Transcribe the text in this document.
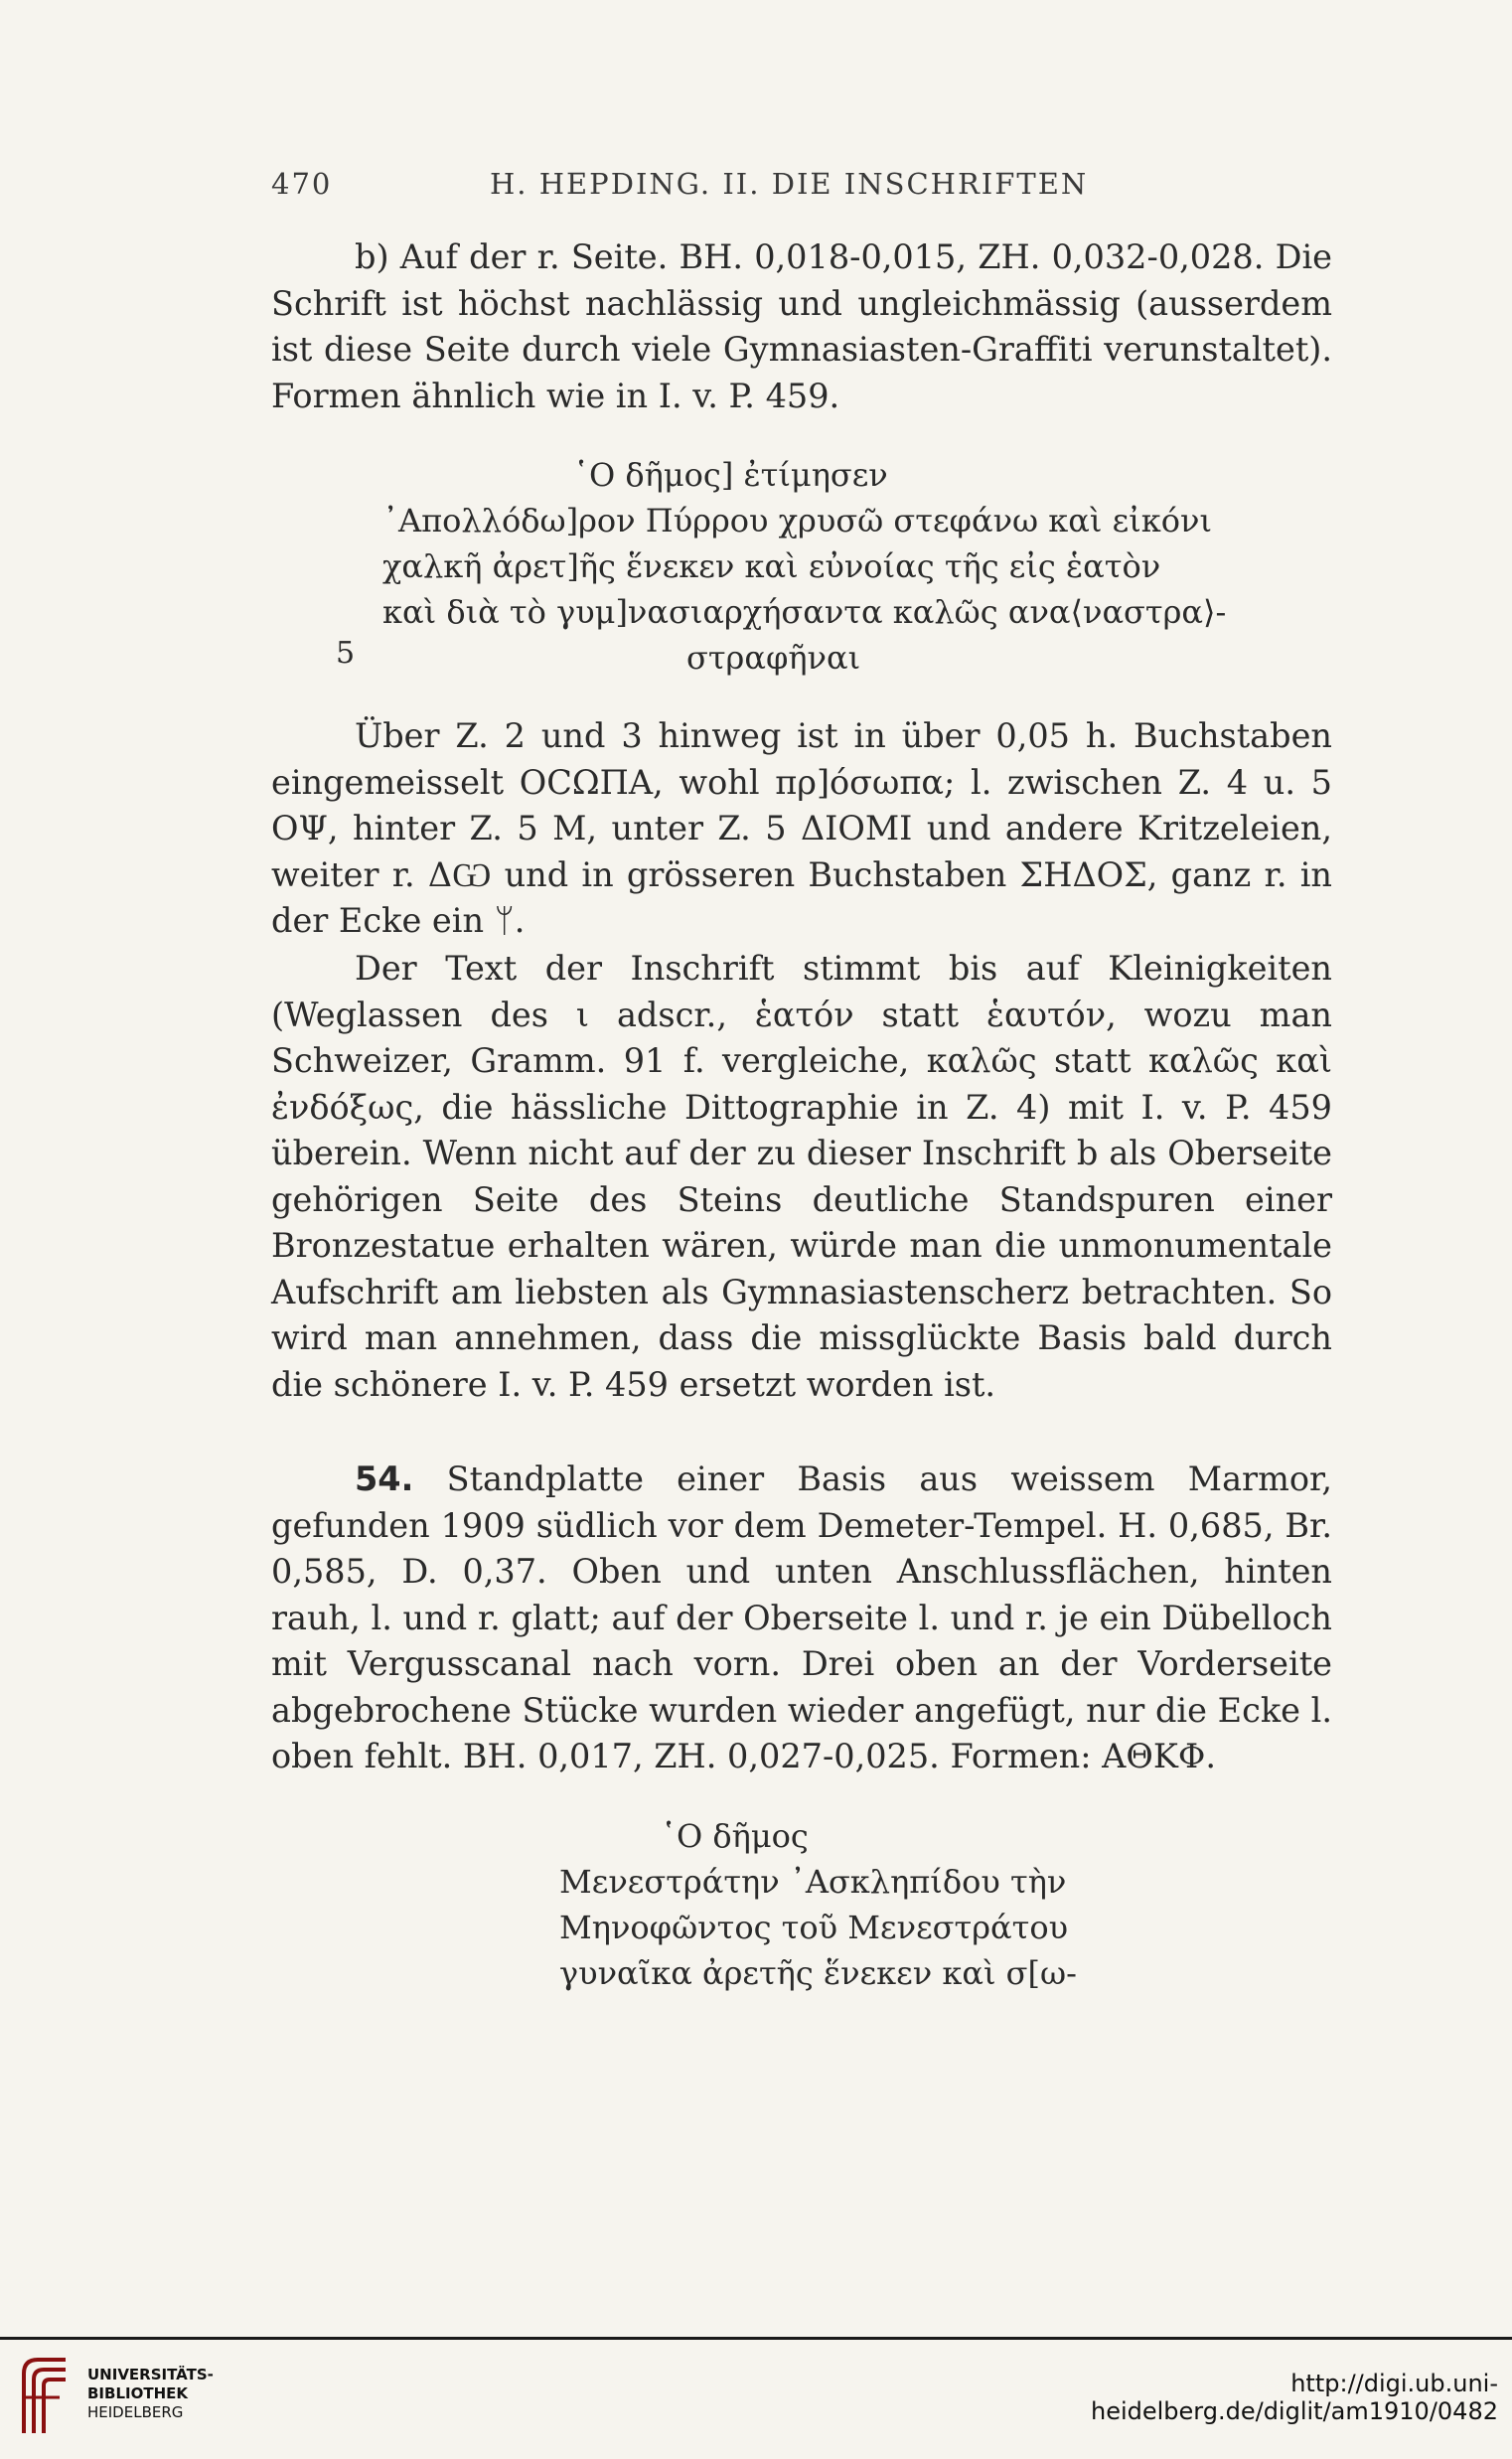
470	H. HEPDING. II. DIE INSCHRIFTEN

b) Auf der r. Seite. BH. 0,018-0,015, ZH. 0,032-0,028. Die Schrift ist höchst nachlässig und ungleichmässig (ausserdem ist diese Seite durch viele Gymnasiasten-Graffiti verunstaltet). Formen ähnlich wie in I. v. P. 459.

῾Ο δῆμος] ἐτίμησεν
᾿Απολλόδω]ρον Πύρρου χρυσῶ στεφάνω καὶ εἰκόνι
χαλκῆ ἀρετ]ῆς ἕνεκεν καὶ εὐνοίας τῆς εἰς ἑατὸν
καὶ διὰ τὸ γυμ]νασιαρχήσαντα καλῶς ανα⟨ναστρα⟩-
στραφῆναι
5

Über Z. 2 und 3 hinweg ist in über 0,05 h. Buchstaben eingemeisselt ΟCΩΠΑ, wohl πρ]όσωπα; l. zwischen Z. 4 u. 5 ΟΨ, hinter Z. 5 Μ, unter Z. 5 ΔΙΟΜΙ und andere Kritzeleien, weiter r. ΔѠ und in grösseren Buchstaben ΣΗΔΟΣ, ganz r. in der Ecke ein ᛘ.

Der Text der Inschrift stimmt bis auf Kleinigkeiten (Weglassen des ι adscr., ἑατόν statt ἑαυτόν, wozu man Schweizer, Gramm. 91 f. vergleiche, καλῶς statt καλῶς καὶ ἐνδόξως, die hässliche Dittographie in Z. 4) mit I. v. P. 459 überein. Wenn nicht auf der zu dieser Inschrift b als Oberseite gehörigen Seite des Steins deutliche Standspuren einer Bronzestatue erhalten wären, würde man die unmonumentale Aufschrift am liebsten als Gymnasiastenscherz betrachten. So wird man annehmen, dass die missglückte Basis bald durch die schönere I. v. P. 459 ersetzt worden ist.

54. Standplatte einer Basis aus weissem Marmor, gefunden 1909 südlich vor dem Demeter-Tempel. H. 0,685, Br. 0,585, D. 0,37. Oben und unten Anschlussflächen, hinten rauh, l. und r. glatt; auf der Oberseite l. und r. je ein Dübelloch mit Vergusscanal nach vorn. Drei oben an der Vorderseite abgebrochene Stücke wurden wieder angefügt, nur die Ecke l. oben fehlt. BH. 0,017, ZH. 0,027-0,025. Formen: ΑΘΚΦ.

῾Ο δῆμος
Μενεστράτην ᾿Ασκληπίδου τὴν
Μηνοφῶντος τοῦ Μενεστράτου
γυναῖκα ἀρετῆς ἕνεκεν καὶ σ[ω-
UNIVERSITÄTS-
BIBLIOTHEK
HEIDELBERG
http://digi.ub.uni-heidelberg.de/diglit/am1910/0482
